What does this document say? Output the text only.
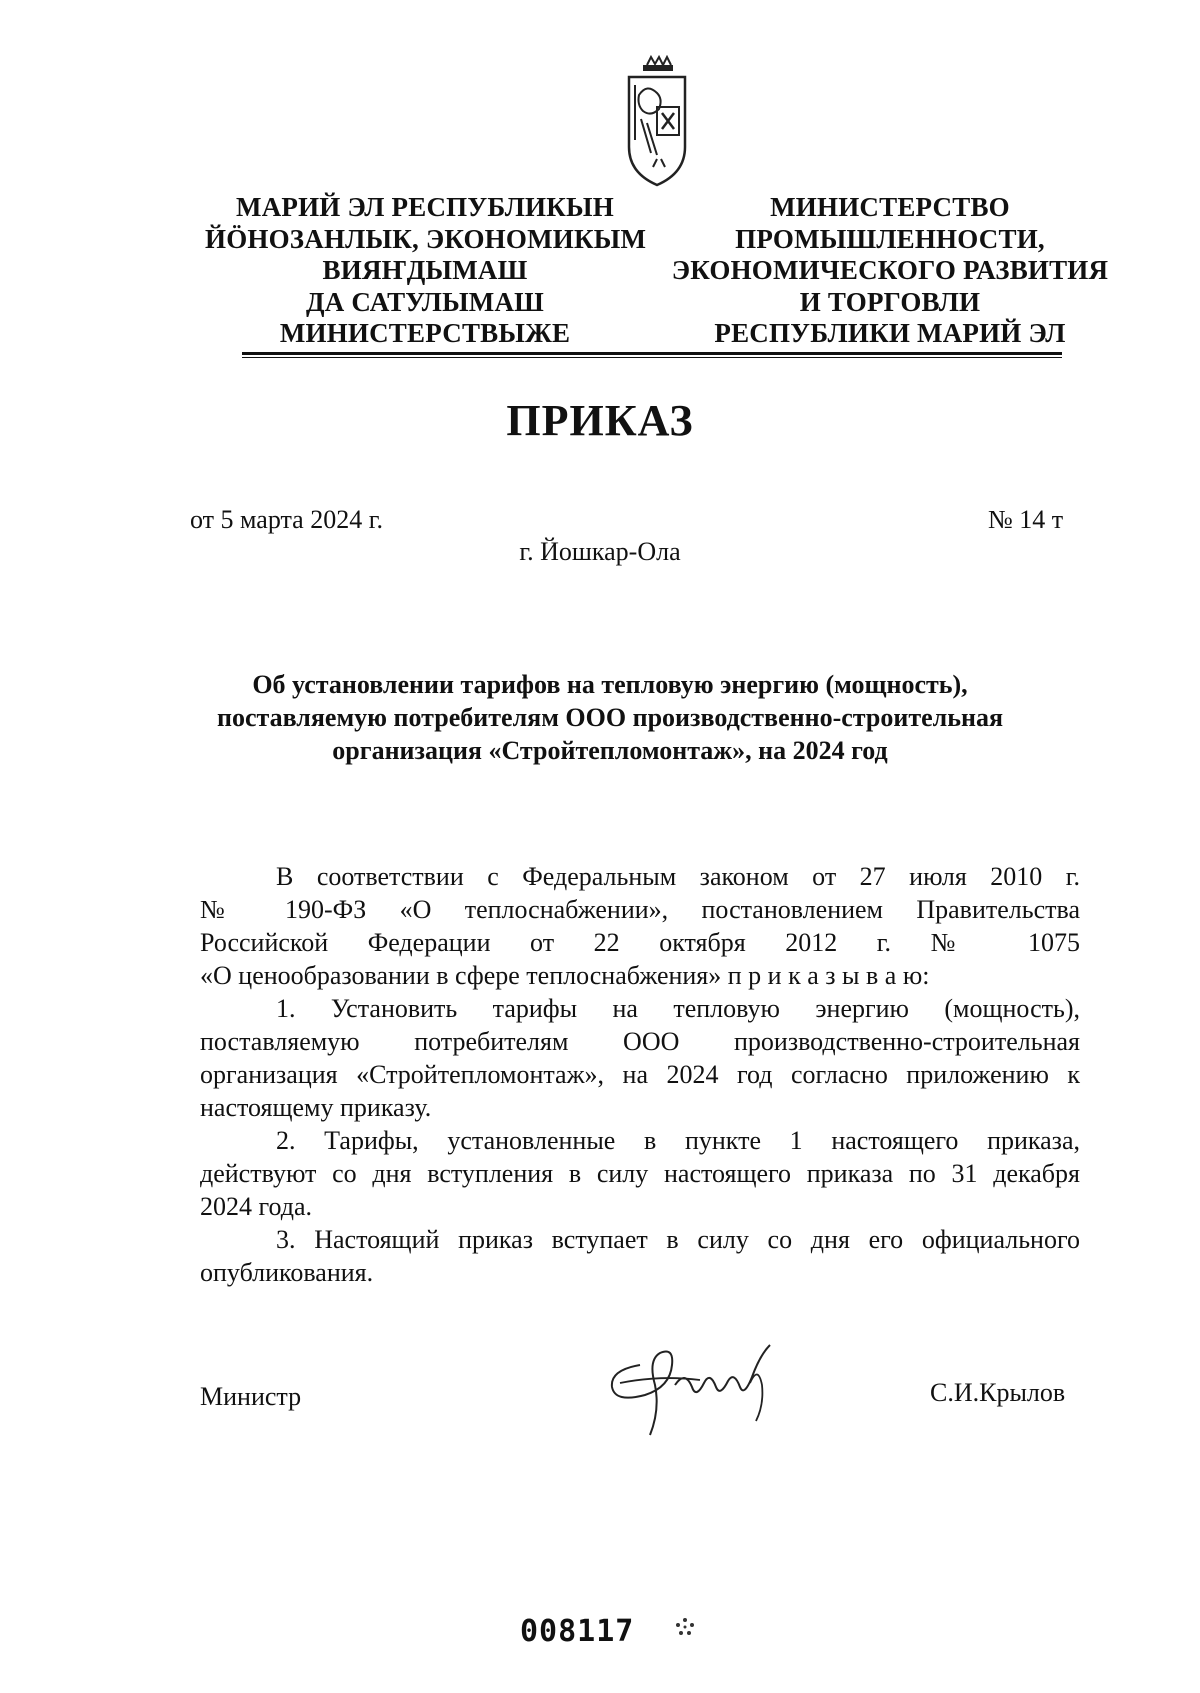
МАРИЙ ЭЛ РЕСПУБЛИКЫН
ЙӦНОЗАНЛЫК, ЭКОНОМИКЫМ
ВИЯҤДЫМАШ
ДА САТУЛЫМАШ
МИНИСТЕРСТВЫЖЕ
МИНИСТЕРСТВО
ПРОМЫШЛЕННОСТИ,
ЭКОНОМИЧЕСКОГО РАЗВИТИЯ
И ТОРГОВЛИ
РЕСПУБЛИКИ МАРИЙ ЭЛ
ПРИКАЗ
от 5 марта 2024 г.	№ 14 т
г. Йошкар-Ола
Об установлении тарифов на тепловую энергию (мощность),
поставляемую потребителям ООО производственно-строительная
организация «Стройтепломонтаж», на 2024 год
В соответствии с Федеральным законом от 27 июля 2010 г.
№ 190-ФЗ «О теплоснабжении», постановлением Правительства
Российской Федерации от 22 октября 2012 г. № 1075
«О ценообразовании в сфере теплоснабжения» п р и к а з ы в а ю:
1. Установить тарифы на тепловую энергию (мощность),
поставляемую потребителям ООО производственно-строительная
организация «Стройтепломонтаж», на 2024 год согласно приложению к
настоящему приказу.
2. Тарифы, установленные в пункте 1 настоящего приказа,
действуют со дня вступления в силу настоящего приказа по 31 декабря
2024 года.
3. Настоящий приказ вступает в силу со дня его официального
опубликования.
Министр	С.И.Крылов
008117
